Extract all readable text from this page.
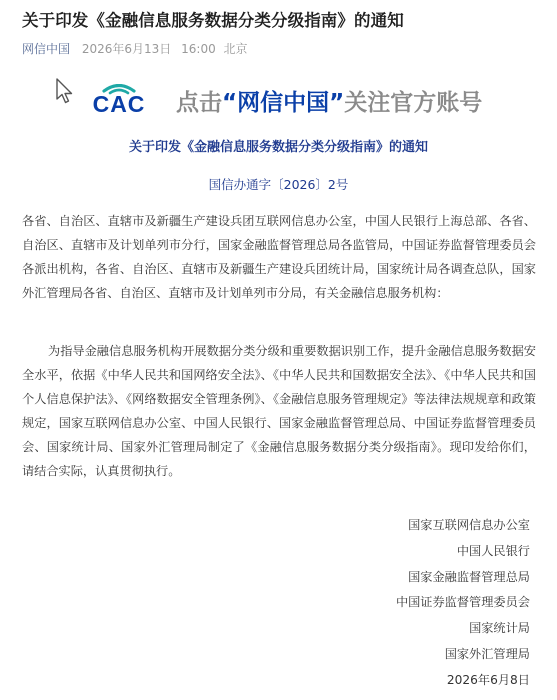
关于印发《金融信息服务数据分类分级指南》的通知
网信中国 2026年6月13日 16:00 北京
CAC 点击“网信中国”关注官方账号
关于印发《金融信息服务数据分类分级指南》的通知
国信办通字〔2026〕2号
各省、自治区、直辖市及新疆生产建设兵团互联网信息办公室，中国人民银行上海总部、各省、自治区、直辖市及计划单列市分行，国家金融监督管理总局各监管局，中国证券监督管理委员会各派出机构，各省、自治区、直辖市及新疆生产建设兵团统计局，国家统计局各调查总队，国家外汇管理局各省、自治区、直辖市及计划单列市分局，有关金融信息服务机构：
为指导金融信息服务机构开展数据分类分级和重要数据识别工作，提升金融信息服务数据安全水平，依据《中华人民共和国网络安全法》、《中华人民共和国数据安全法》、《中华人民共和国个人信息保护法》、《网络数据安全管理条例》、《金融信息服务管理规定》等法律法规规章和政策规定，国家互联网信息办公室、中国人民银行、国家金融监督管理总局、中国证券监督管理委员会、国家统计局、国家外汇管理局制定了《金融信息服务数据分类分级指南》。现印发给你们，请结合实际，认真贯彻执行。
国家互联网信息办公室
中国人民银行
国家金融监督管理总局
中国证券监督管理委员会
国家统计局
国家外汇管理局
2026年6月8日
